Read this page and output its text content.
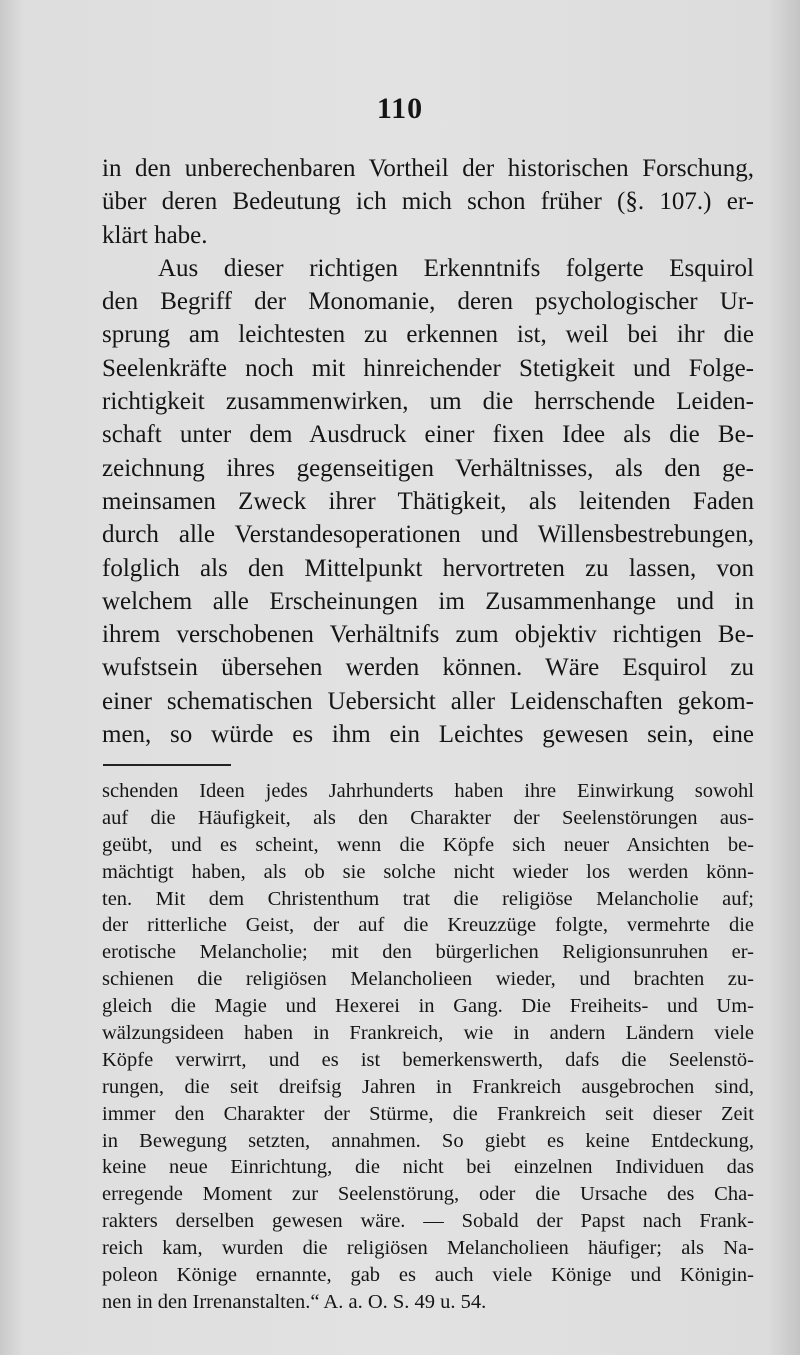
110
in den unberechenbaren Vortheil der historischen Forschung,
über deren Bedeutung ich mich schon früher (§. 107.) er-
klärt habe.
Aus dieser richtigen Erkenntnifs folgerte Esquirol
den Begriff der Monomanie, deren psychologischer Ur-
sprung am leichtesten zu erkennen ist, weil bei ihr die
Seelenkräfte noch mit hinreichender Stetigkeit und Folge-
richtigkeit zusammenwirken, um die herrschende Leiden-
schaft unter dem Ausdruck einer fixen Idee als die Be-
zeichnung ihres gegenseitigen Verhältnisses, als den ge-
meinsamen Zweck ihrer Thätigkeit, als leitenden Faden
durch alle Verstandesoperationen und Willensbestrebungen,
folglich als den Mittelpunkt hervortreten zu lassen, von
welchem alle Erscheinungen im Zusammenhange und in
ihrem verschobenen Verhältnifs zum objektiv richtigen Be-
wufstsein übersehen werden können. Wäre Esquirol zu
einer schematischen Uebersicht aller Leidenschaften gekom-
men, so würde es ihm ein Leichtes gewesen sein, eine
schenden Ideen jedes Jahrhunderts haben ihre Einwirkung sowohl
auf die Häufigkeit, als den Charakter der Seelenstörungen aus-
geübt, und es scheint, wenn die Köpfe sich neuer Ansichten be-
mächtigt haben, als ob sie solche nicht wieder los werden könn-
ten. Mit dem Christenthum trat die religiöse Melancholie auf;
der ritterliche Geist, der auf die Kreuzzüge folgte, vermehrte die
erotische Melancholie; mit den bürgerlichen Religionsunruhen er-
schienen die religiösen Melancholieen wieder, und brachten zu-
gleich die Magie und Hexerei in Gang. Die Freiheits- und Um-
wälzungsideen haben in Frankreich, wie in andern Ländern viele
Köpfe verwirrt, und es ist bemerkenswerth, dafs die Seelenstö-
rungen, die seit dreifsig Jahren in Frankreich ausgebrochen sind,
immer den Charakter der Stürme, die Frankreich seit dieser Zeit
in Bewegung setzten, annahmen. So giebt es keine Entdeckung,
keine neue Einrichtung, die nicht bei einzelnen Individuen das
erregende Moment zur Seelenstörung, oder die Ursache des Cha-
rakters derselben gewesen wäre. — Sobald der Papst nach Frank-
reich kam, wurden die religiösen Melancholieen häufiger; als Na-
poleon Könige ernannte, gab es auch viele Könige und Königin-
nen in den Irrenanstalten.“ A. a. O. S. 49 u. 54.
